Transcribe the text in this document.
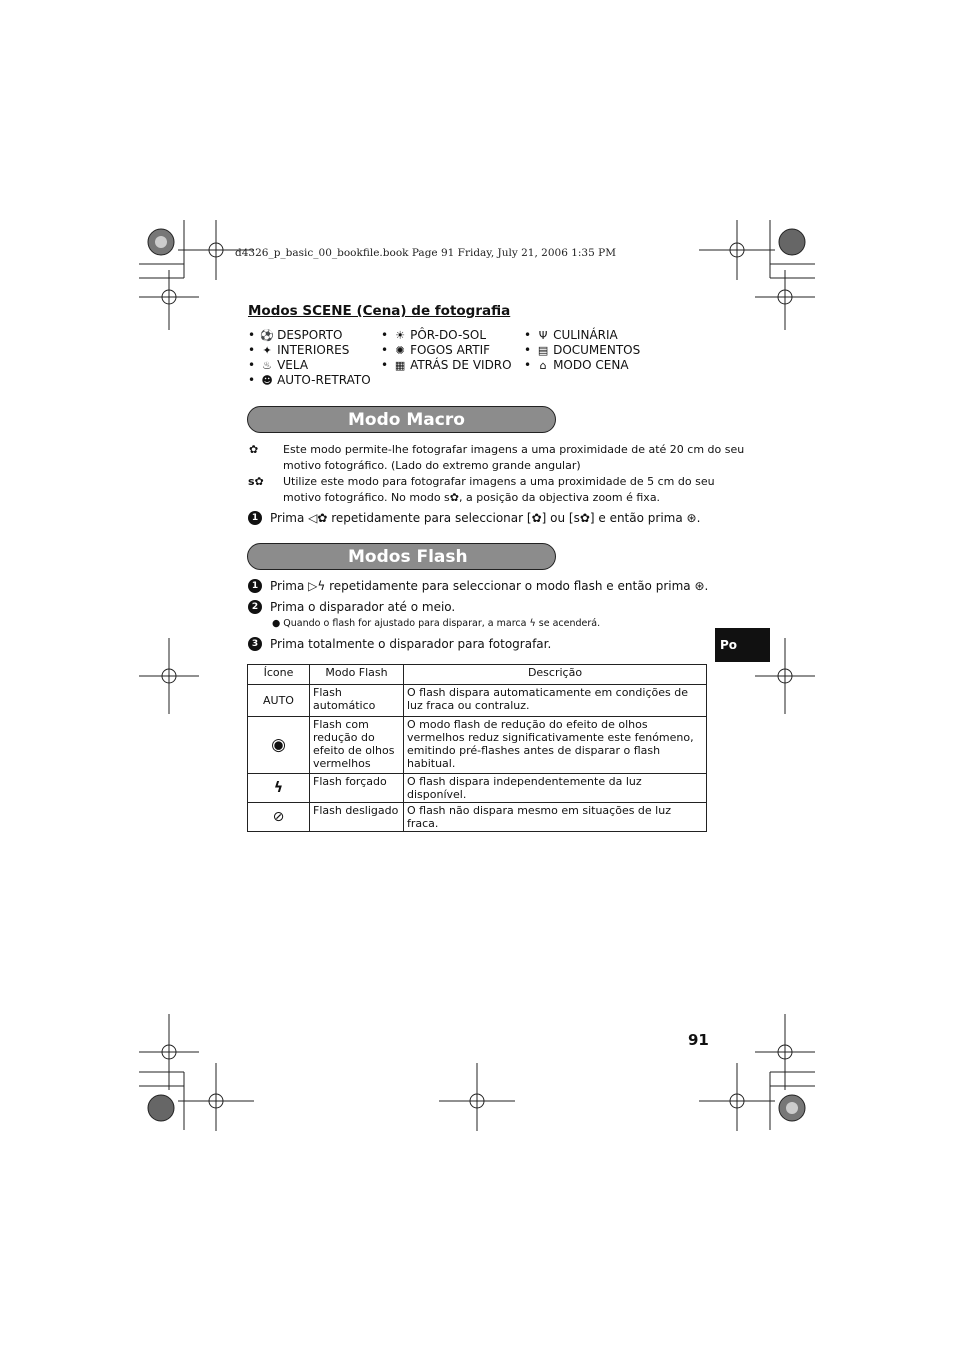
d4326_p_basic_00_bookfile.book Page 91 Friday, July 21, 2006 1:35 PM
Modos SCENE (Cena) de fotografia
• ⚽ DESPORTO
• ✦ INTERIORES
• ♨ VELA
• ☻ AUTO-RETRATO
• ☀ PÔR-DO-SOL
• ✺ FOGOS ARTIF
• ▦ ATRÁS DE VIDRO
• Ψ CULINÁRIA
• ▤ DOCUMENTOS
• ⌂ MODO CENA
Modo Macro
✿ Este modo permite-lhe fotografar imagens a uma proximidade de até 20 cm do seu
motivo fotográfico. (Lado do extremo grande angular)
s✿ Utilize este modo para fotografar imagens a uma proximidade de 5 cm do seu
motivo fotográfico. No modo s✿, a posição da objectiva zoom é fixa.
1 Prima ◁✿ repetidamente para seleccionar [✿] ou [s✿] e então prima ⊛.
Modos Flash
1 Prima ▷ϟ repetidamente para seleccionar o modo flash e então prima ⊛.
2 Prima o disparador até o meio.
● Quando o flash for ajustado para disparar, a marca ϟ se acenderá.
3 Prima totalmente o disparador para fotografar.
Ícone	Modo Flash	Descrição
AUTO	Flash automático	O flash dispara automaticamente em condições de luz fraca ou contraluz.
◉	Flash com redução do efeito de olhos vermelhos	O modo flash de redução do efeito de olhos vermelhos reduz significativamente este fenómeno, emitindo pré-flashes antes de disparar o flash habitual.
ϟ	Flash forçado	O flash dispara independentemente da luz disponível.
⊘	Flash desligado	O flash não dispara mesmo em situações de luz fraca.
Po
91
